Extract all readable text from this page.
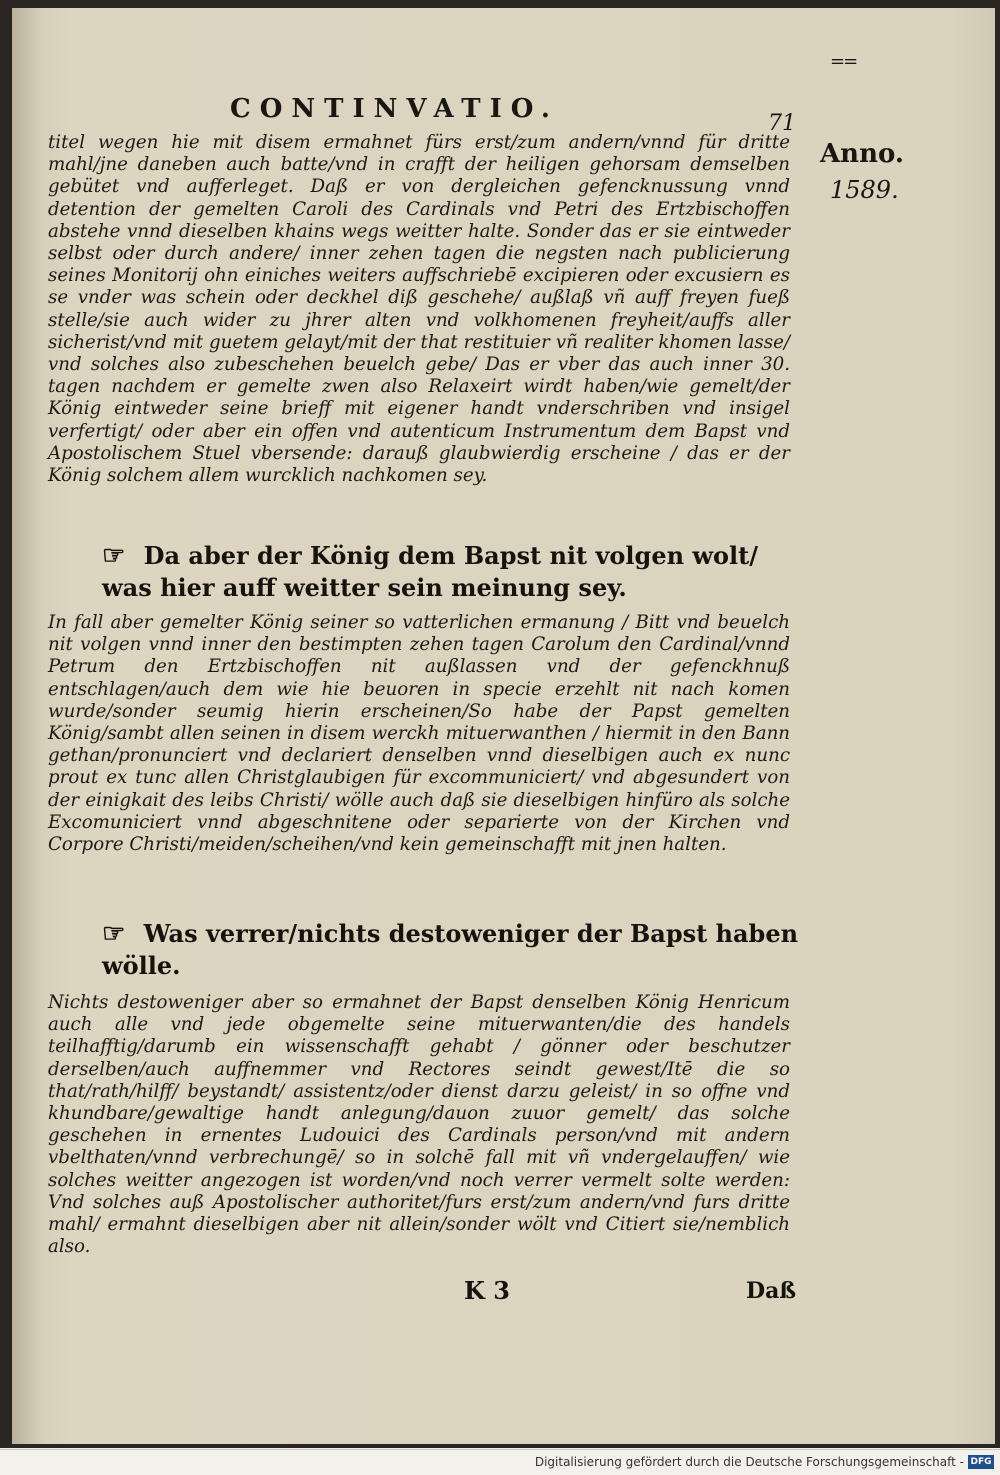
==
CONTINVATIO.	71
Anno.
1589.
titel wegen hie mit disem ermahnet fürs erst/zum andern/vnnd für dritte mahl/jne daneben auch batte/vnd in crafft der heiligen gehorsam demselben gebütet vnd aufferleget. Daß er von dergleichen gefencknussung vnnd detention der gemelten Caroli des Cardinals vnd Petri des Ertzbischoffen abstehe vnnd dieselben khains wegs weitter halte. Sonder das er sie eintweder selbst oder durch andere/ inner zehen tagen die negsten nach publicierung seines Monitorij ohn einiches weiters auffschriebē excipieren oder excusiern es se vnder was schein oder deckhel diß geschehe/ außlaß vñ auff freyen fueß stelle/sie auch wider zu jhrer alten vnd volkhomenen freyheit/auffs aller sicherist/vnd mit guetem gelayt/mit der that restituier vñ realiter khomen lasse/ vnd solches also zubeschehen beuelch gebe/ Das er vber das auch inner 30. tagen nachdem er gemelte zwen also Relaxeirt wirdt haben/wie gemelt/der König eintweder seine brieff mit eigener handt vnderschriben vnd insigel verfertigt/ oder aber ein offen vnd autenticum Instrumentum dem Bapst vnd Apostolischem Stuel vbersende: darauß glaubwierdig erscheine / das er der König solchem allem wurcklich nachkomen sey.
☞ Da aber der König dem Bapst nit volgen wolt/ was hier auff weitter sein meinung sey.
In fall aber gemelter König seiner so vatterlichen ermanung / Bitt vnd beuelch nit volgen vnnd inner den bestimpten zehen tagen Carolum den Cardinal/vnnd Petrum den Ertzbischoffen nit außlassen vnd der gefenckhnuß entschlagen/auch dem wie hie beuoren in specie erzehlt nit nach komen wurde/sonder seumig hierin erscheinen/So habe der Papst gemelten König/sambt allen seinen in disem werckh mituerwanthen / hiermit in den Bann gethan/pronunciert vnd declariert denselben vnnd dieselbigen auch ex nunc prout ex tunc allen Christglaubigen für excommuniciert/ vnd abgesundert von der einigkait des leibs Christi/ wölle auch daß sie dieselbigen hinfüro als solche Excomuniciert vnnd abgeschnitene oder separierte von der Kirchen vnd Corpore Christi/meiden/scheihen/vnd kein gemeinschafft mit jnen halten.
☞ Was verrer/nichts destoweniger der Bapst haben wölle.
Nichts destoweniger aber so ermahnet der Bapst denselben König Henricum auch alle vnd jede obgemelte seine mituerwanten/die des handels teilhafftig/darumb ein wissenschafft gehabt / gönner oder beschutzer derselben/auch auffnemmer vnd Rectores seindt gewest/Itē die so that/rath/hilff/ beystandt/ assistentz/oder dienst darzu geleist/ in so offne vnd khundbare/gewaltige handt anlegung/dauon zuuor gemelt/ das solche geschehen in ernentes Ludouici des Cardinals person/vnd mit andern vbelthaten/vnnd verbrechungē/ so in solchē fall mit vñ vndergelauffen/ wie solches weitter angezogen ist worden/vnd noch verrer vermelt solte werden: Vnd solches auß Apostolischer authoritet/furs erst/zum andern/vnd furs dritte mahl/ ermahnt dieselbigen aber nit allein/sonder wölt vnd Citiert sie/nemblich also.
K 3	Daß
Digitalisierung gefördert durch die Deutsche Forschungsgemeinschaft - DFG
